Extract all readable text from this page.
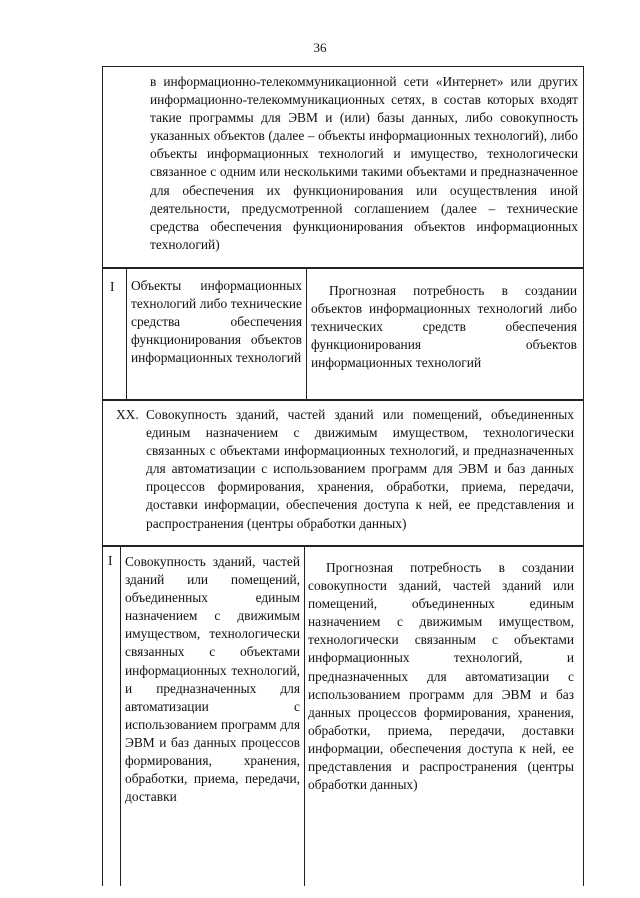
36
в информационно-телекоммуникационной сети «Интернет» или других информационно-телекоммуникационных сетях, в состав которых входят такие программы для ЭВМ и (или) базы данных, либо совокупность указанных объектов (далее – объекты информационных технологий), либо объекты информационных технологий и имущество, технологически связанное с одним или несколькими такими объектами и предназначенное для обеспечения их функционирования или осуществления иной деятельности, предусмотренной соглашением (далее – технические средства обеспечения функционирования объектов информационных технологий)
I Объекты информационных технологий либо технические средства обеспечения функционирования объектов информационных технологий
Прогнозная потребность в создании объектов информационных технологий либо технических средств обеспечения функционирования объектов информационных технологий
XX. Совокупность зданий, частей зданий или помещений, объединенных единым назначением с движимым имуществом, технологически связанных с объектами информационных технологий, и предназначенных для автоматизации с использованием программ для ЭВМ и баз данных процессов формирования, хранения, обработки, приема, передачи, доставки информации, обеспечения доступа к ней, ее представления и распространения (центры обработки данных)
I Совокупность зданий, частей зданий или помещений, объединенных единым назначением с движимым имуществом, технологически связанных с объектами информационных технологий, и предназначенных для автоматизации с использованием программ для ЭВМ и баз данных процессов формирования, хранения, обработки, приема, передачи, доставки
Прогнозная потребность в создании совокупности зданий, частей зданий или помещений, объединенных единым назначением с движимым имуществом, технологически связанным с объектами информационных технологий, и предназначенных для автоматизации с использованием программ для ЭВМ и баз данных процессов формирования, хранения, обработки, приема, передачи, доставки информации, обеспечения доступа к ней, ее представления и распространения (центры обработки данных)
